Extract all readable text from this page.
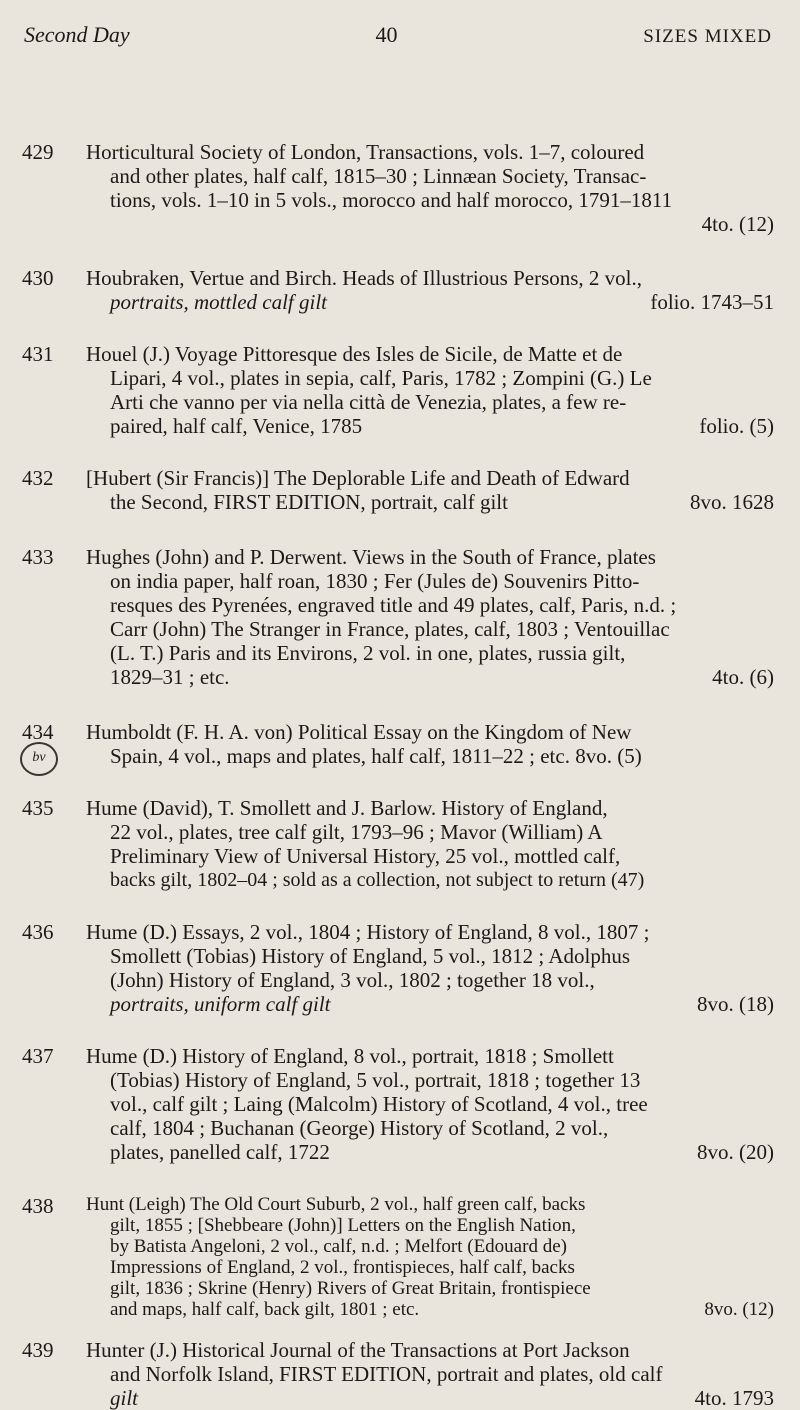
Second Day	40	SIZES MIXED
429	Horticultural Society of London, Transactions, vols. 1–7, coloured
and other plates, half calf, 1815–30 ; Linnæan Society, Transac-
tions, vols. 1–10 in 5 vols., morocco and half morocco, 1791–1811
4to. (12)
430	Houbraken, Vertue and Birch. Heads of Illustrious Persons, 2 vol.,
portraits, mottled calf gilt	folio. 1743–51
431	Houel (J.) Voyage Pittoresque des Isles de Sicile, de Matte et de
Lipari, 4 vol., plates in sepia, calf, Paris, 1782 ; Zompini (G.) Le
Arti che vanno per via nella città de Venezia, plates, a few re-
paired, half calf, Venice, 1785	folio. (5)
432	[Hubert (Sir Francis)] The Deplorable Life and Death of Edward
the Second, FIRST EDITION, portrait, calf gilt	8vo. 1628
433	Hughes (John) and P. Derwent. Views in the South of France, plates
on india paper, half roan, 1830 ; Fer (Jules de) Souvenirs Pitto-
resques des Pyrenées, engraved title and 49 plates, calf, Paris, n.d. ;
Carr (John) The Stranger in France, plates, calf, 1803 ; Ventouillac
(L. T.) Paris and its Environs, 2 vol. in one, plates, russia gilt,
1829–31 ; etc.	4to. (6)
434
bv
Humboldt (F. H. A. von) Political Essay on the Kingdom of New
Spain, 4 vol., maps and plates, half calf, 1811–22 ; etc. 8vo. (5)
435	Hume (David), T. Smollett and J. Barlow. History of England,
22 vol., plates, tree calf gilt, 1793–96 ; Mavor (William) A
Preliminary View of Universal History, 25 vol., mottled calf,
backs gilt, 1802–04 ; sold as a collection, not subject to return (47)
436	Hume (D.) Essays, 2 vol., 1804 ; History of England, 8 vol., 1807 ;
Smollett (Tobias) History of England, 5 vol., 1812 ; Adolphus
(John) History of England, 3 vol., 1802 ; together 18 vol.,
portraits, uniform calf gilt	8vo. (18)
437	Hume (D.) History of England, 8 vol., portrait, 1818 ; Smollett
(Tobias) History of England, 5 vol., portrait, 1818 ; together 13
vol., calf gilt ; Laing (Malcolm) History of Scotland, 4 vol., tree
calf, 1804 ; Buchanan (George) History of Scotland, 2 vol.,
plates, panelled calf, 1722	8vo. (20)
438	Hunt (Leigh) The Old Court Suburb, 2 vol., half green calf, backs
gilt, 1855 ; [Shebbeare (John)] Letters on the English Nation,
by Batista Angeloni, 2 vol., calf, n.d. ; Melfort (Edouard de)
Impressions of England, 2 vol., frontispieces, half calf, backs
gilt, 1836 ; Skrine (Henry) Rivers of Great Britain, frontispiece
and maps, half calf, back gilt, 1801 ; etc.	8vo. (12)
439	Hunter (J.) Historical Journal of the Transactions at Port Jackson
and Norfolk Island, FIRST EDITION, portrait and plates, old calf
gilt	4to. 1793
